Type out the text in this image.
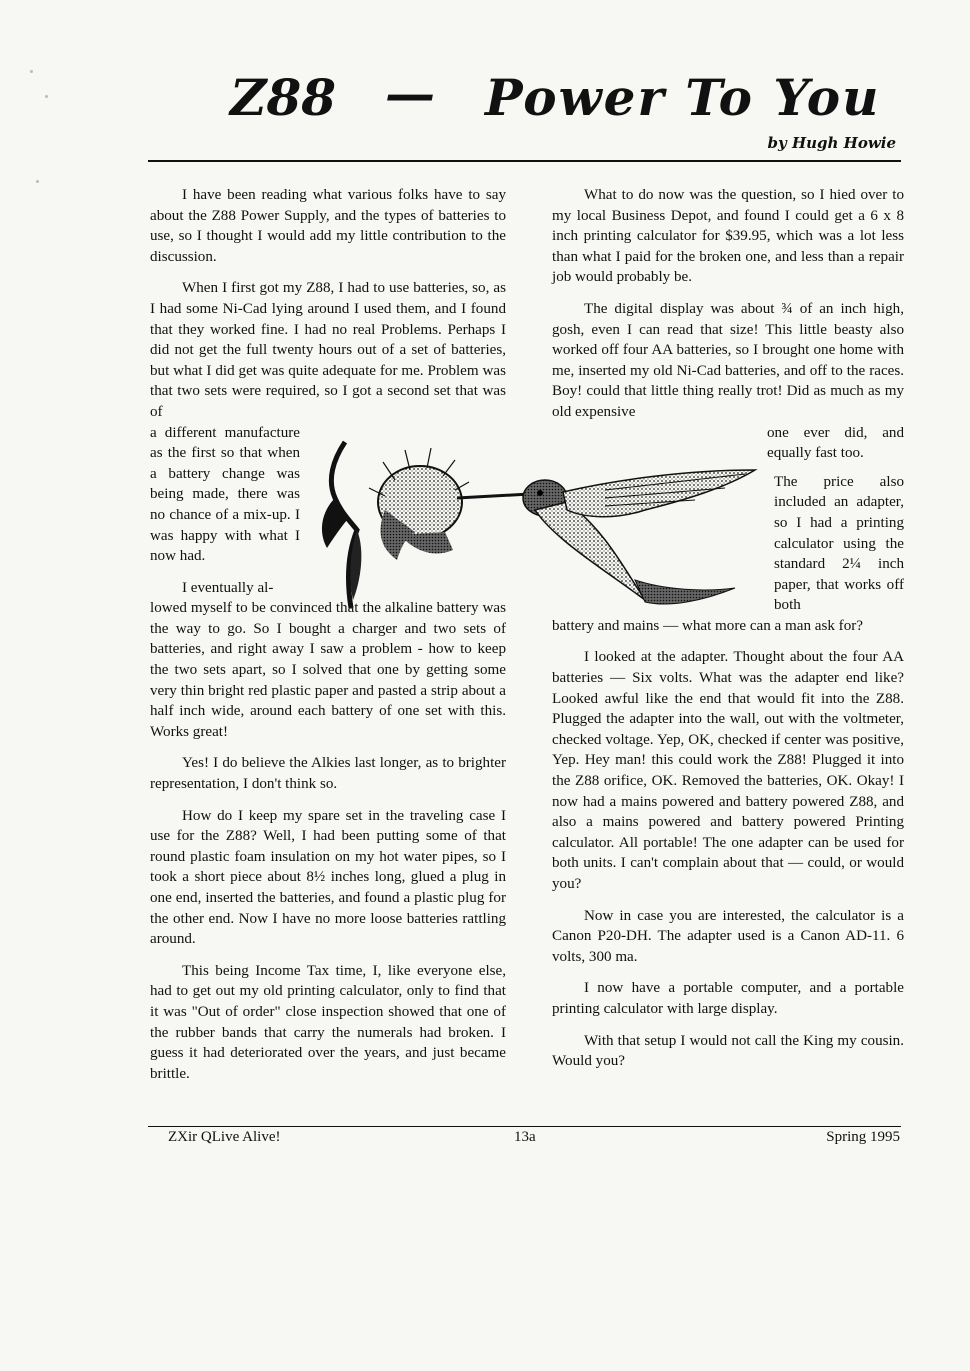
Z88 — Power To You
by Hugh Howie

I have been reading what various folks have to say about the Z88 Power Supply, and the types of batteries to use, so I thought I would add my little contribution to the discussion.

When I first got my Z88, I had to use batteries, so, as I had some Ni-Cad lying around I used them, and I found that they worked fine. I had no real Problems. Perhaps I did not get the full twenty hours out of a set of batteries, but what I did get was quite adequate for me. Problem was that two sets were required, so I got a second set that was of

a different manufacture as the first so that when a battery change was being made, there was no chance of a mix-up. I was happy with what I now had.

I eventually al-

lowed myself to be convinced that the alkaline battery was the way to go. So I bought a charger and two sets of batteries, and right away I saw a problem - how to keep the two sets apart, so I solved that one by getting some very thin bright red plastic paper and pasted a strip about a half inch wide, around each battery of one set with this. Works great!

Yes! I do believe the Alkies last longer, as to brighter representation, I don't think so.

How do I keep my spare set in the traveling case I use for the Z88? Well, I had been putting some of that round plastic foam insulation on my hot water pipes, so I took a short piece about 8½ inches long, glued a plug in one end, inserted the batteries, and found a plastic plug for the other end. Now I have no more loose batteries rattling around.

This being Income Tax time, I, like everyone else, had to get out my old printing calculator, only to find that it was "Out of order" close inspection showed that one of the rubber bands that carry the numerals had broken. I guess it had deteriorated over the years, and just became brittle.

What to do now was the question, so I hied over to my local Business Depot, and found I could get a 6 x 8 inch printing calculator for $39.95, which was a lot less than what I paid for the broken one, and less than a repair job would probably be.

The digital display was about ¾ of an inch high, gosh, even I can read that size! This little beasty also worked off four AA batteries, so I brought one home with me, inserted my old Ni-Cad batteries, and off to the races. Boy! could that little thing really trot! Did as much as my old expensive

one ever did, and equally fast too.

The price also included an adapter, so I had a printing calculator using the standard 2¼ inch paper, that works off both

battery and mains — what more can a man ask for?

I looked at the adapter. Thought about the four AA batteries — Six volts. What was the adapter end like? Looked awful like the end that would fit into the Z88. Plugged the adapter into the wall, out with the voltmeter, checked voltage. Yep, OK, checked if center was positive, Yep. Hey man! this could work the Z88! Plugged it into the Z88 orifice, OK. Removed the batteries, OK. Okay! I now had a mains powered and battery powered Z88, and also a mains powered and battery powered Printing calculator. All portable! The one adapter can be used for both units. I can't complain about that — could, or would you?

Now in case you are interested, the calculator is a Canon P20-DH. The adapter used is a Canon AD-11. 6 volts, 300 ma.

I now have a portable computer, and a portable printing calculator with large display.

With that setup I would not call the King my cousin. Would you?

ZXir QLive Alive!	13a	Spring 1995
